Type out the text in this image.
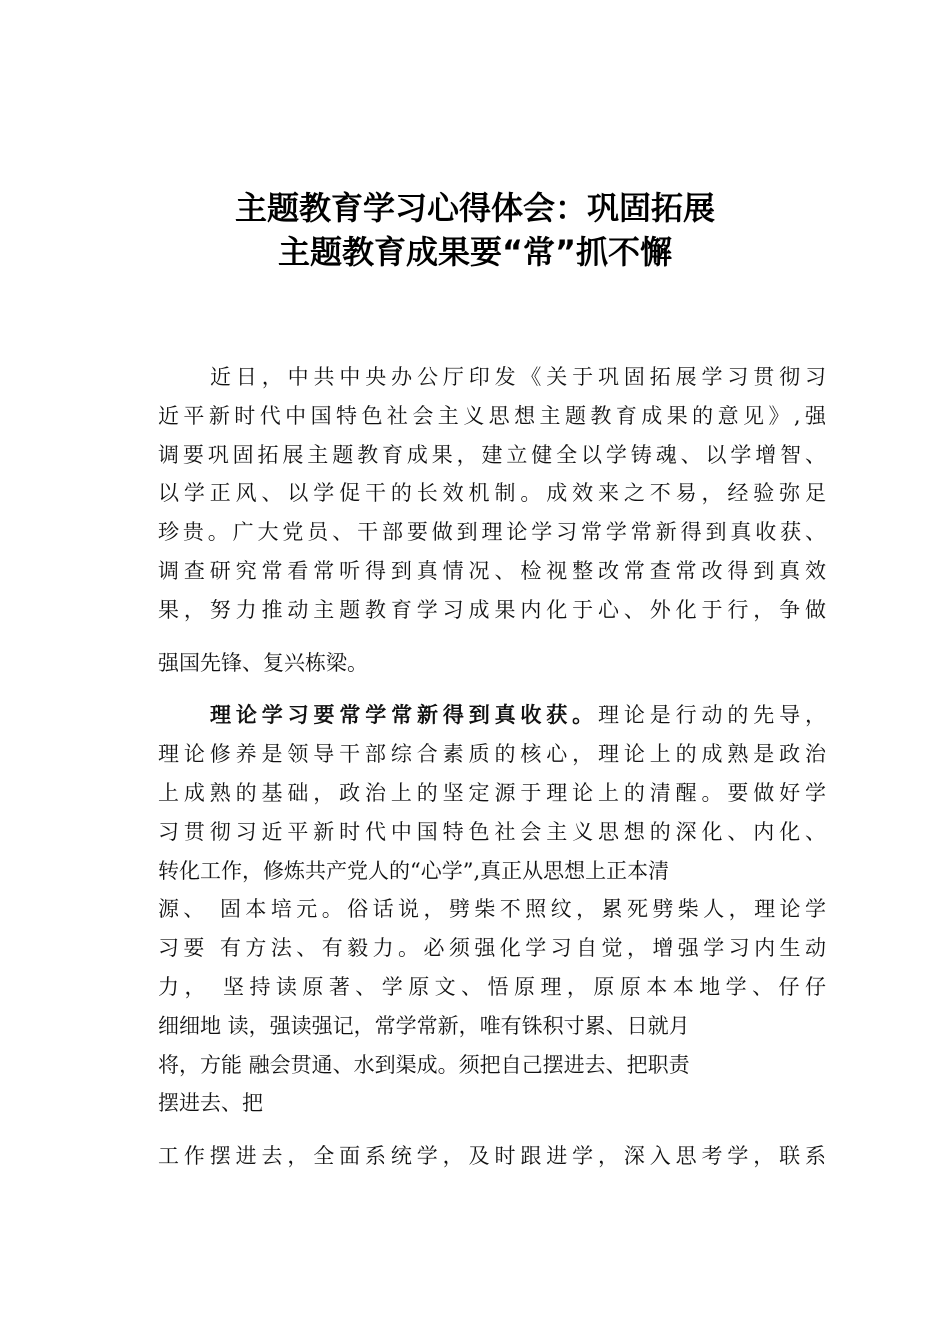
主题教育学习心得体会：巩固拓展
主题教育成果要“常”抓不懈
近日，中共中央办公厅印发《关于巩固拓展学习贯彻习
近平新时代中国特色社会主义思想主题教育成果的意见》,强
调要巩固拓展主题教育成果，建立健全以学铸魂、以学增智、
以学正风、以学促干的长效机制。成效来之不易，经验弥足
珍贵。广大党员、干部要做到理论学习常学常新得到真收获、
调查研究常看常听得到真情况、检视整改常查常改得到真效
果，努力推动主题教育学习成果内化于心、外化于行，争做
强国先锋、复兴栋梁。
理论学习要常学常新得到真收获。理论是行动的先导，
理论修养是领导干部综合素质的核心，理论上的成熟是政治
上成熟的基础，政治上的坚定源于理论上的清醒。要做好学
习贯彻习近平新时代中国特色社会主义思想的深化、内化、
转化工作，修炼共产党人的“心学”,真正从思想上正本清
源、 固本培元。俗话说，劈柴不照纹，累死劈柴人，理论学
习要 有方法、有毅力。必须强化学习自觉，增强学习内生动
力， 坚持读原著、学原文、悟原理，原原本本地学、仔仔
细细地 读，强读强记，常学常新，唯有铢积寸累、日就月
将，方能 融会贯通、水到渠成。须把自己摆进去、把职责
摆进去、把
工作摆进去，全面系统学，及时跟进学，深入思考学，联系
